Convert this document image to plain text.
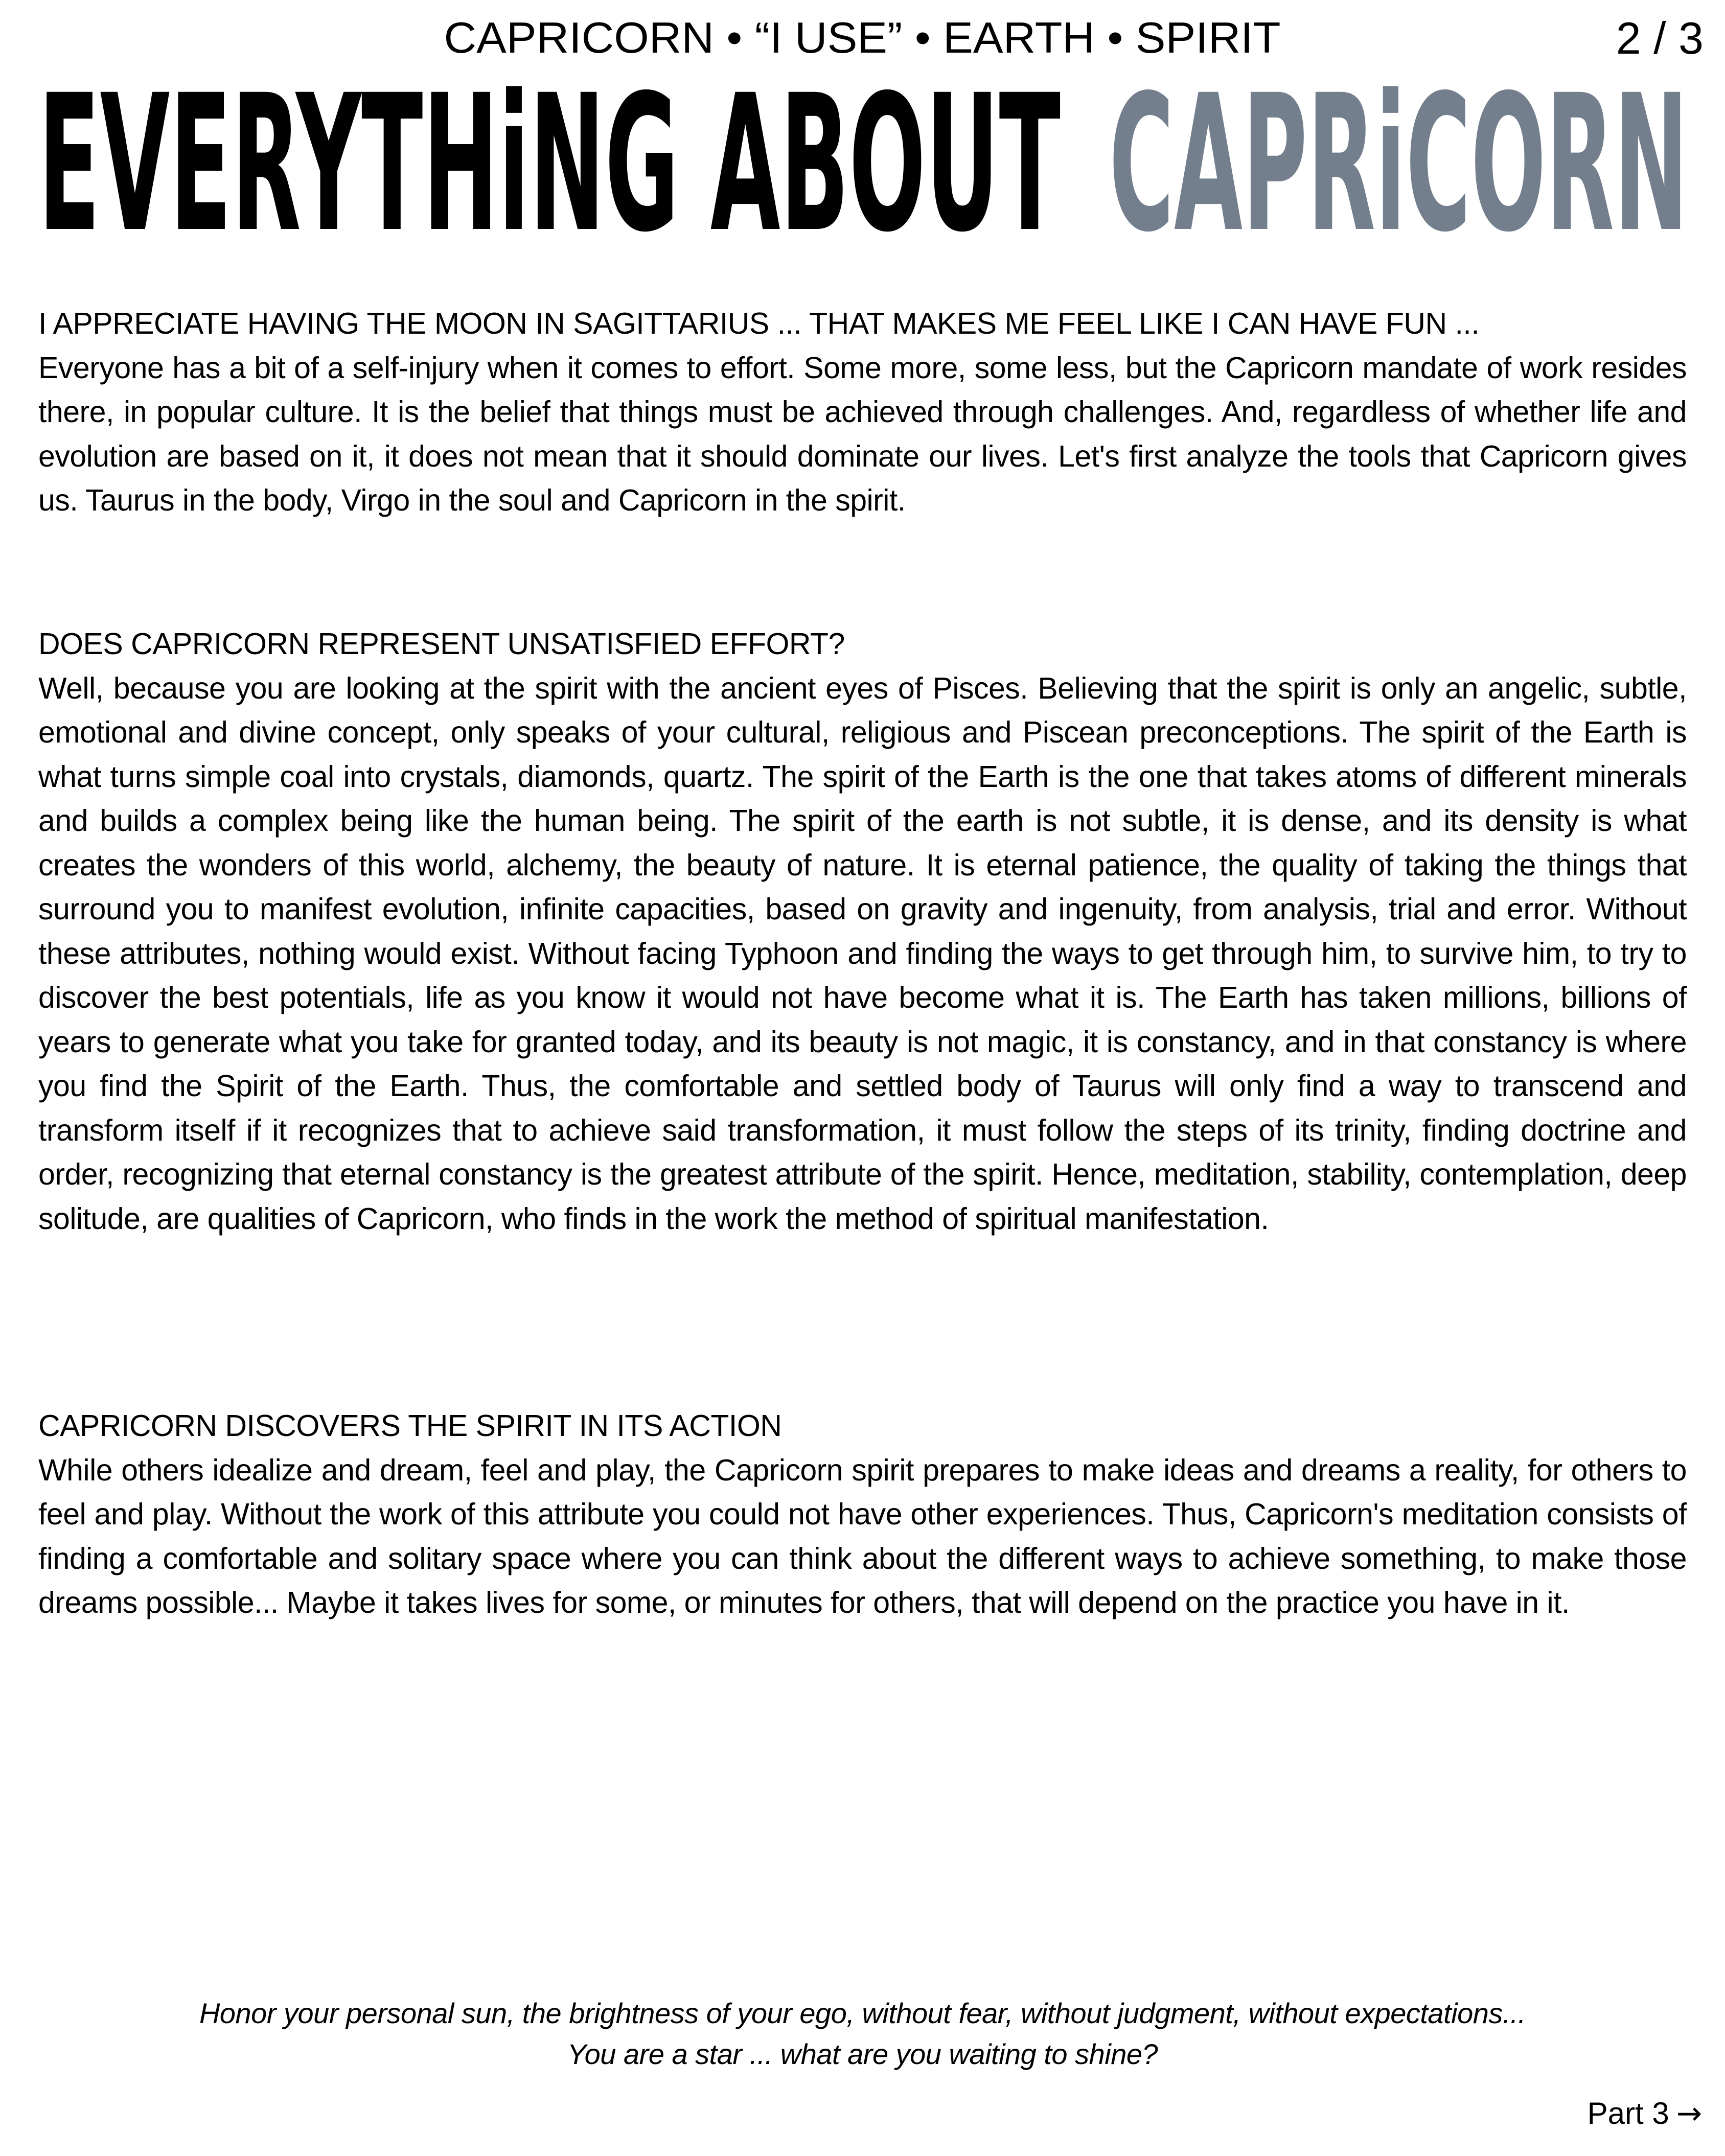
CAPRICORN • “I USE” • EARTH • SPIRIT	2 / 3
EVERYTHiNG ABOUT CAPRiCORN
I APPRECIATE HAVING THE MOON IN SAGITTARIUS ... THAT MAKES ME FEEL LIKE I CAN HAVE FUN ...
Everyone has a bit of a self-injury when it comes to effort. Some more, some less, but the Capricorn mandate of work resides there, in popular culture. It is the belief that things must be achieved through challenges. And, regardless of whether life and evolution are based on it, it does not mean that it should dominate our lives. Let's first analyze the tools that Capricorn gives us. Taurus in the body, Virgo in the soul and Capricorn in the spirit.
DOES CAPRICORN REPRESENT UNSATISFIED EFFORT?
Well, because you are looking at the spirit with the ancient eyes of Pisces. Believing that the spirit is only an angelic, subtle, emotional and divine concept, only speaks of your cultural, religious and Piscean preconceptions. The spirit of the Earth is what turns simple coal into crystals, diamonds, quartz. The spirit of the Earth is the one that takes atoms of different minerals and builds a complex being like the human being. The spirit of the earth is not subtle, it is dense, and its density is what creates the wonders of this world, alchemy, the beauty of nature. It is eternal patience, the quality of taking the things that surround you to manifest evolution, infinite capacities, based on gravity and ingenuity, from analysis, trial and error. Without these attributes, nothing would exist. Without facing Typhoon and finding the ways to get through him, to survive him, to try to discover the best potentials, life as you know it would not have become what it is. The Earth has taken millions, billions of years to generate what you take for granted today, and its beauty is not magic, it is constancy, and in that constancy is where you find the Spirit of the Earth. Thus, the comfortable and settled body of Taurus will only find a way to transcend and transform itself if it recognizes that to achieve said transformation, it must follow the steps of its trinity, finding doctrine and order, recognizing that eternal constancy is the greatest attribute of the spirit. Hence, meditation, stability, contemplation, deep solitude, are qualities of Capricorn, who finds in the work the method of spiritual manifestation.
CAPRICORN DISCOVERS THE SPIRIT IN ITS ACTION
While others idealize and dream, feel and play, the Capricorn spirit prepares to make ideas and dreams a reality, for others to feel and play. Without the work of this attribute you could not have other experiences. Thus, Capricorn's meditation consists of finding a comfortable and solitary space where you can think about the different ways to achieve something, to make those dreams possible... Maybe it takes lives for some, or minutes for others, that will depend on the practice you have in it.
Honor your personal sun, the brightness of your ego, without fear, without judgment, without expectations...
You are a star ... what are you waiting to shine?
Part 3 →
